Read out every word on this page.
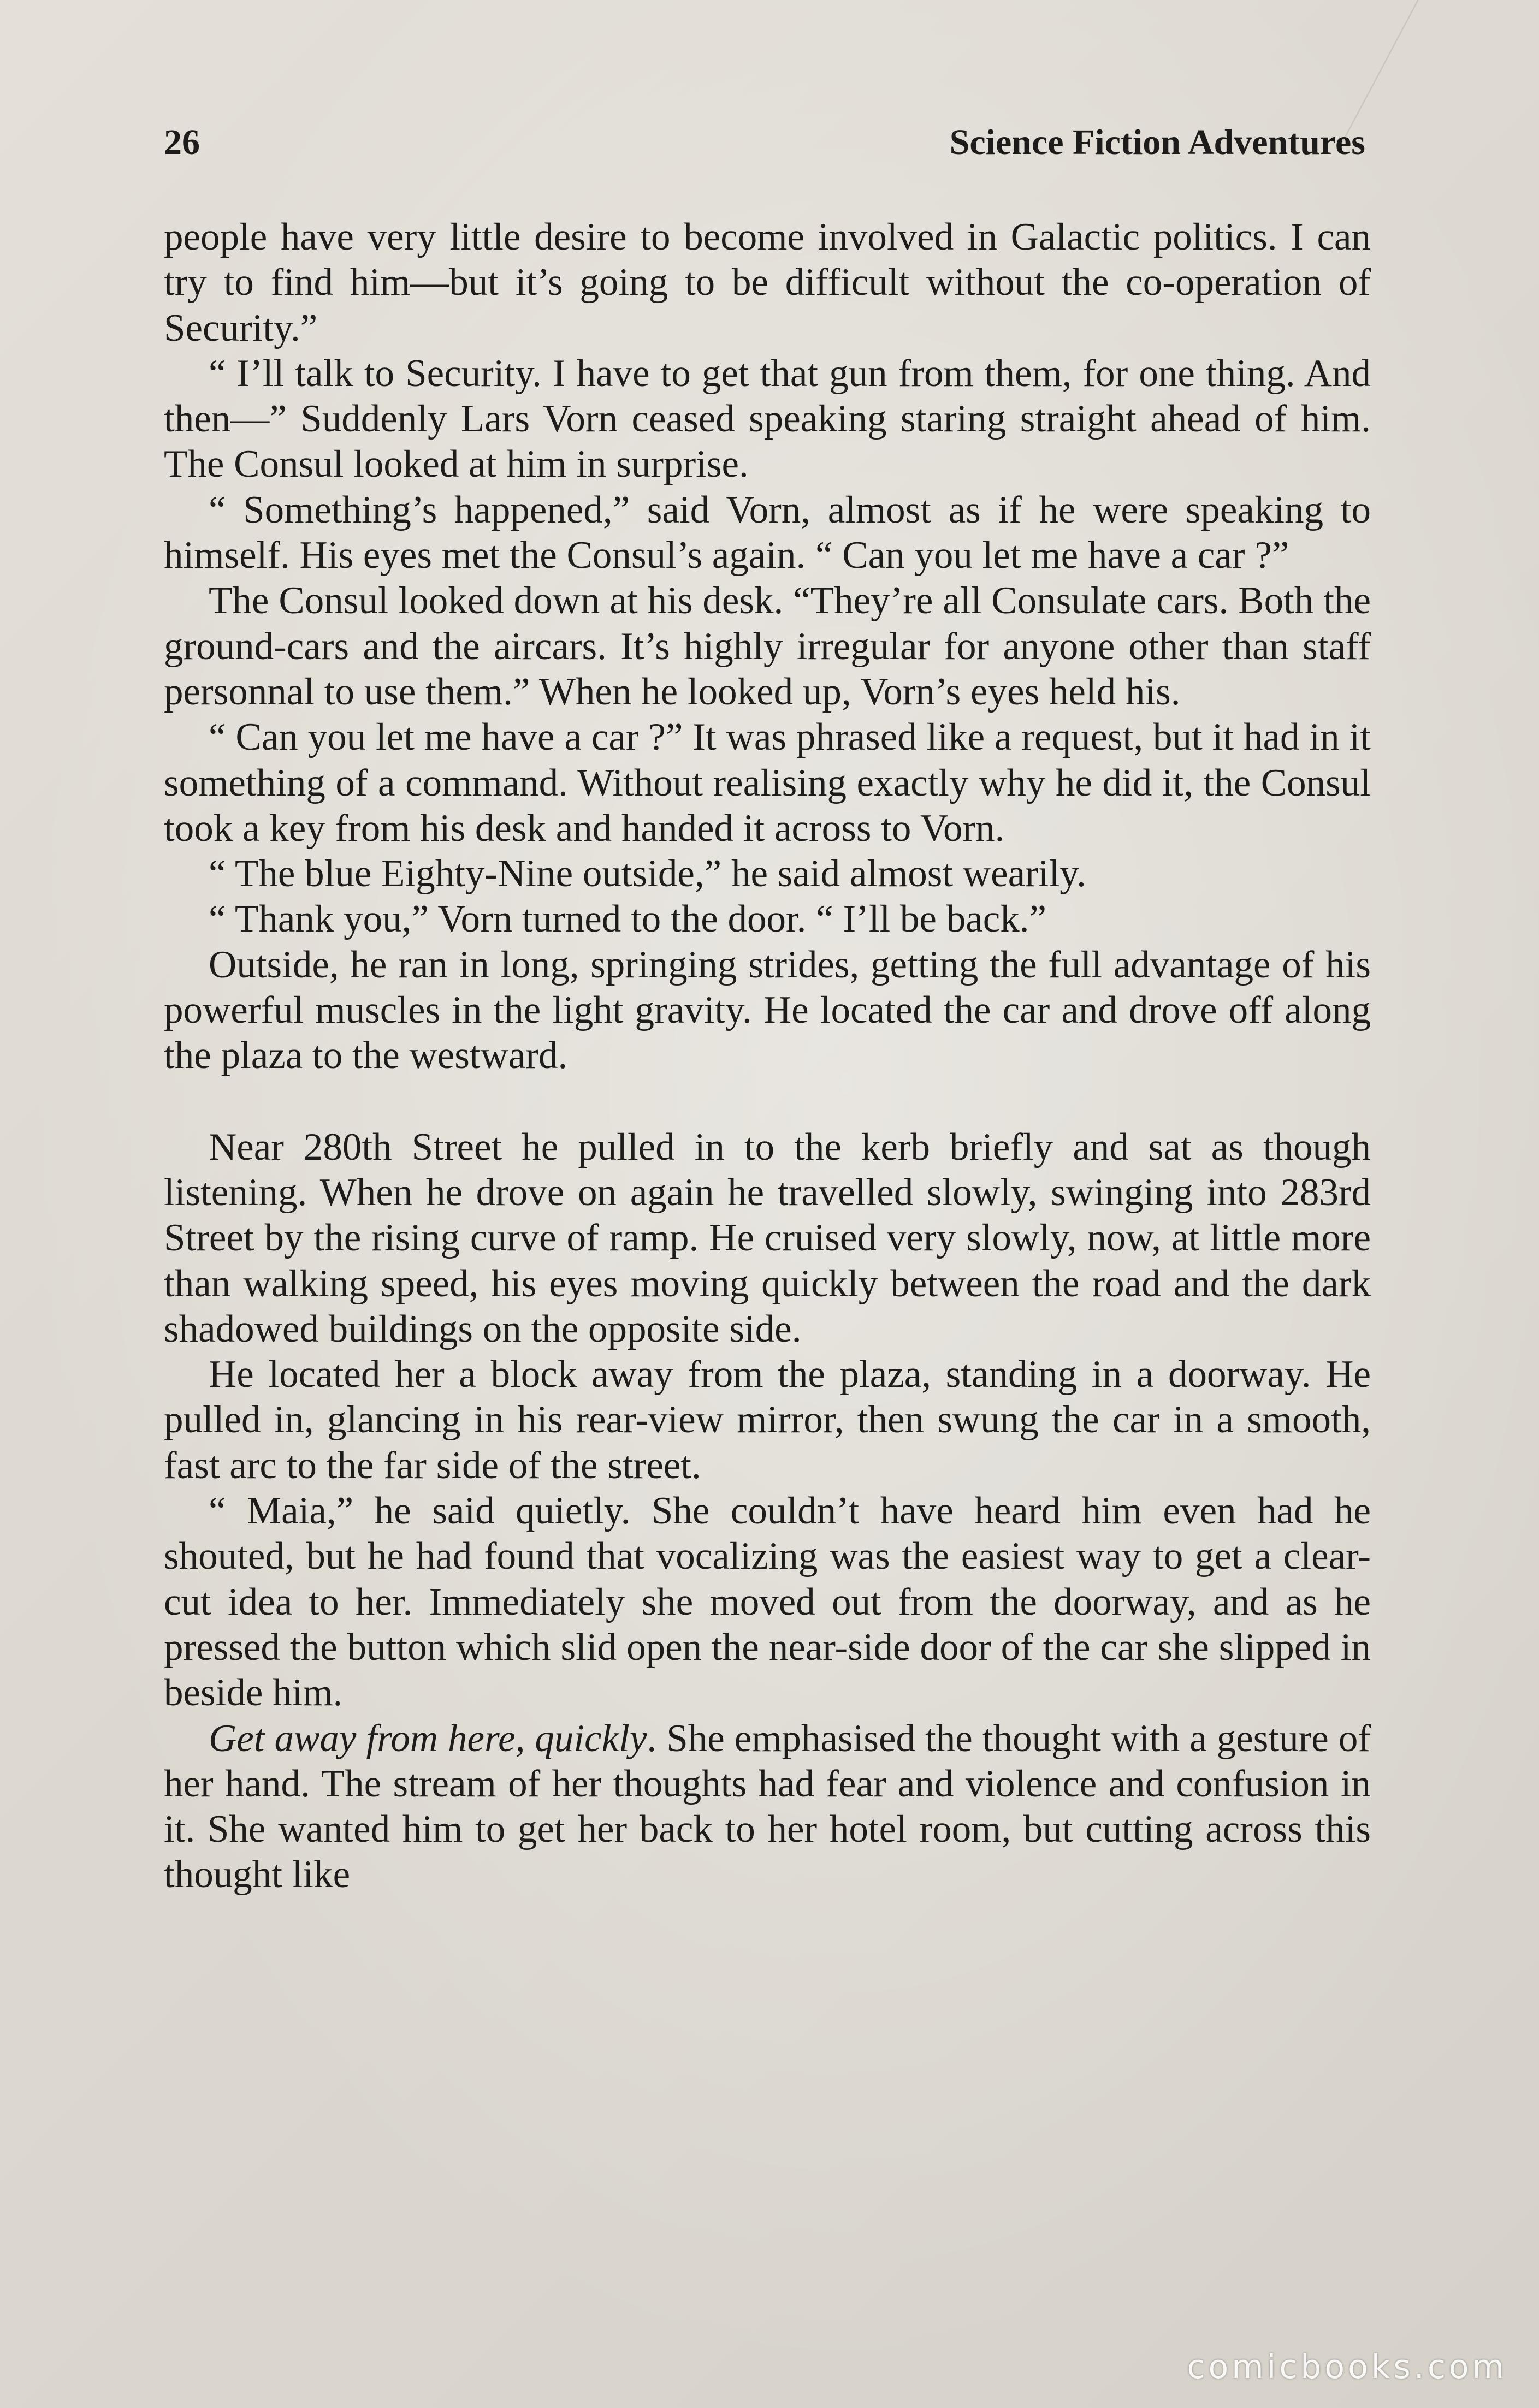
26	Science Fiction Adventures

people have very little desire to become involved in Galactic politics. I can try to find him—but it’s going to be difficult without the co-operation of Security.”

“ I’ll talk to Security. I have to get that gun from them, for one thing. And then—” Suddenly Lars Vorn ceased speaking staring straight ahead of him. The Consul looked at him in surprise.

“ Something’s happened,” said Vorn, almost as if he were speaking to himself. His eyes met the Consul’s again. “ Can you let me have a car ?”

The Consul looked down at his desk. “They’re all Consulate cars. Both the ground-cars and the aircars. It’s highly irregular for anyone other than staff personnal to use them.” When he looked up, Vorn’s eyes held his.

“ Can you let me have a car ?” It was phrased like a request, but it had in it something of a command. Without realising exactly why he did it, the Consul took a key from his desk and handed it across to Vorn.

“ The blue Eighty-Nine outside,” he said almost wearily.

“ Thank you,” Vorn turned to the door. “ I’ll be back.”

Outside, he ran in long, springing strides, getting the full advantage of his powerful muscles in the light gravity. He located the car and drove off along the plaza to the westward.

Near 280th Street he pulled in to the kerb briefly and sat as though listening. When he drove on again he travelled slowly, swinging into 283rd Street by the rising curve of ramp. He cruised very slowly, now, at little more than walking speed, his eyes moving quickly between the road and the dark shadowed buildings on the opposite side.

He located her a block away from the plaza, standing in a doorway. He pulled in, glancing in his rear-view mirror, then swung the car in a smooth, fast arc to the far side of the street.

“ Maia,” he said quietly. She couldn’t have heard him even had he shouted, but he had found that vocalizing was the easiest way to get a clear-cut idea to her. Immediately she moved out from the doorway, and as he pressed the button which slid open the near-side door of the car she slipped in beside him.

Get away from here, quickly. She emphasised the thought with a gesture of her hand. The stream of her thoughts had fear and violence and confusion in it. She wanted him to get her back to her hotel room, but cutting across this thought like

comicbooks.com
